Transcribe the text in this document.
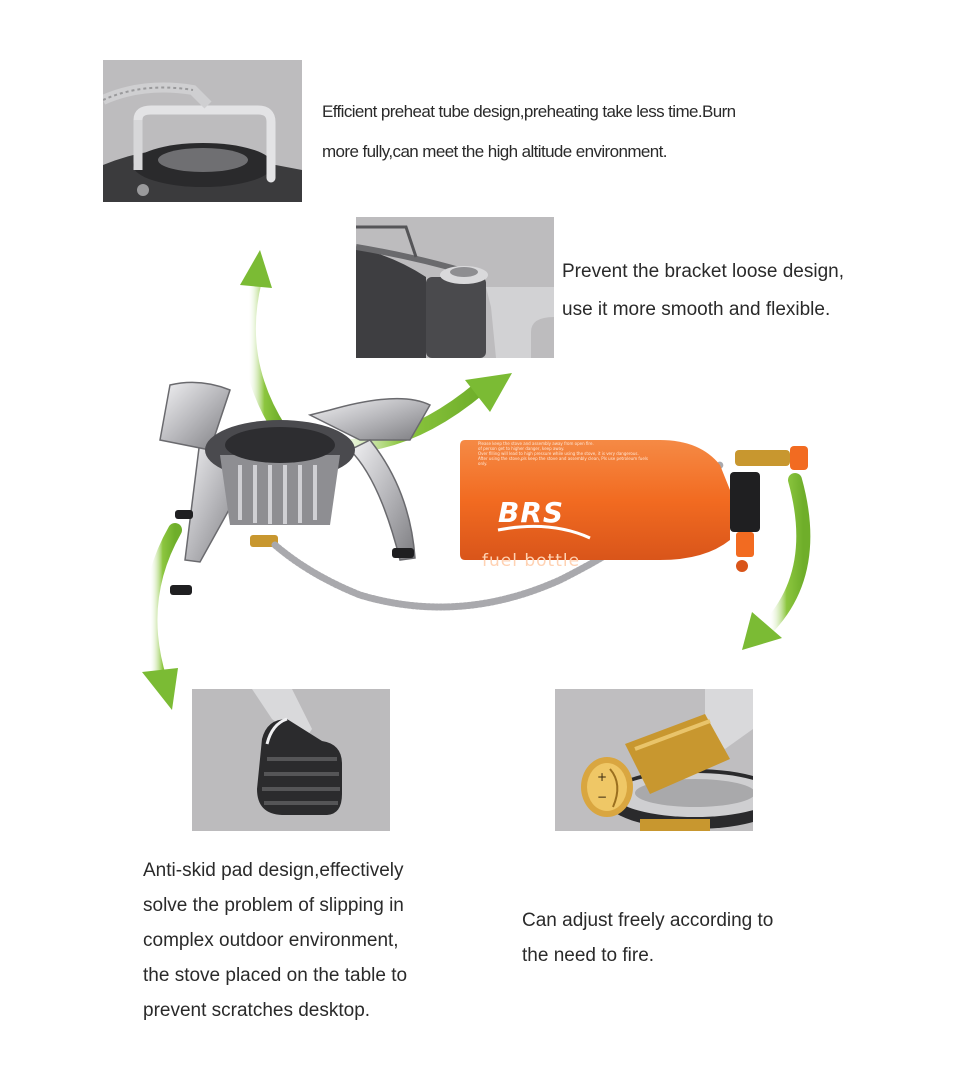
+
−

Efficient preheat tube design,preheating take less time.Burn

more fully,can meet the high altitude environment.

Prevent the bracket loose design,

use it more smooth and flexible.

Anti-skid pad design,effectively

solve the problem of slipping in

complex outdoor environment,

the stove placed on the table to

prevent scratches desktop.

Can adjust freely according to

the need to fire.

Please keep the stove and assembly away from open fire.
of person get to higher danger, keep away.
Over filling will lead to high pressure while using the stove, it is very dangerous.
After using the stove,pls keep the stove and assembly clean, Pls use petroleum fuels
only.
BRS
fuel bottle
